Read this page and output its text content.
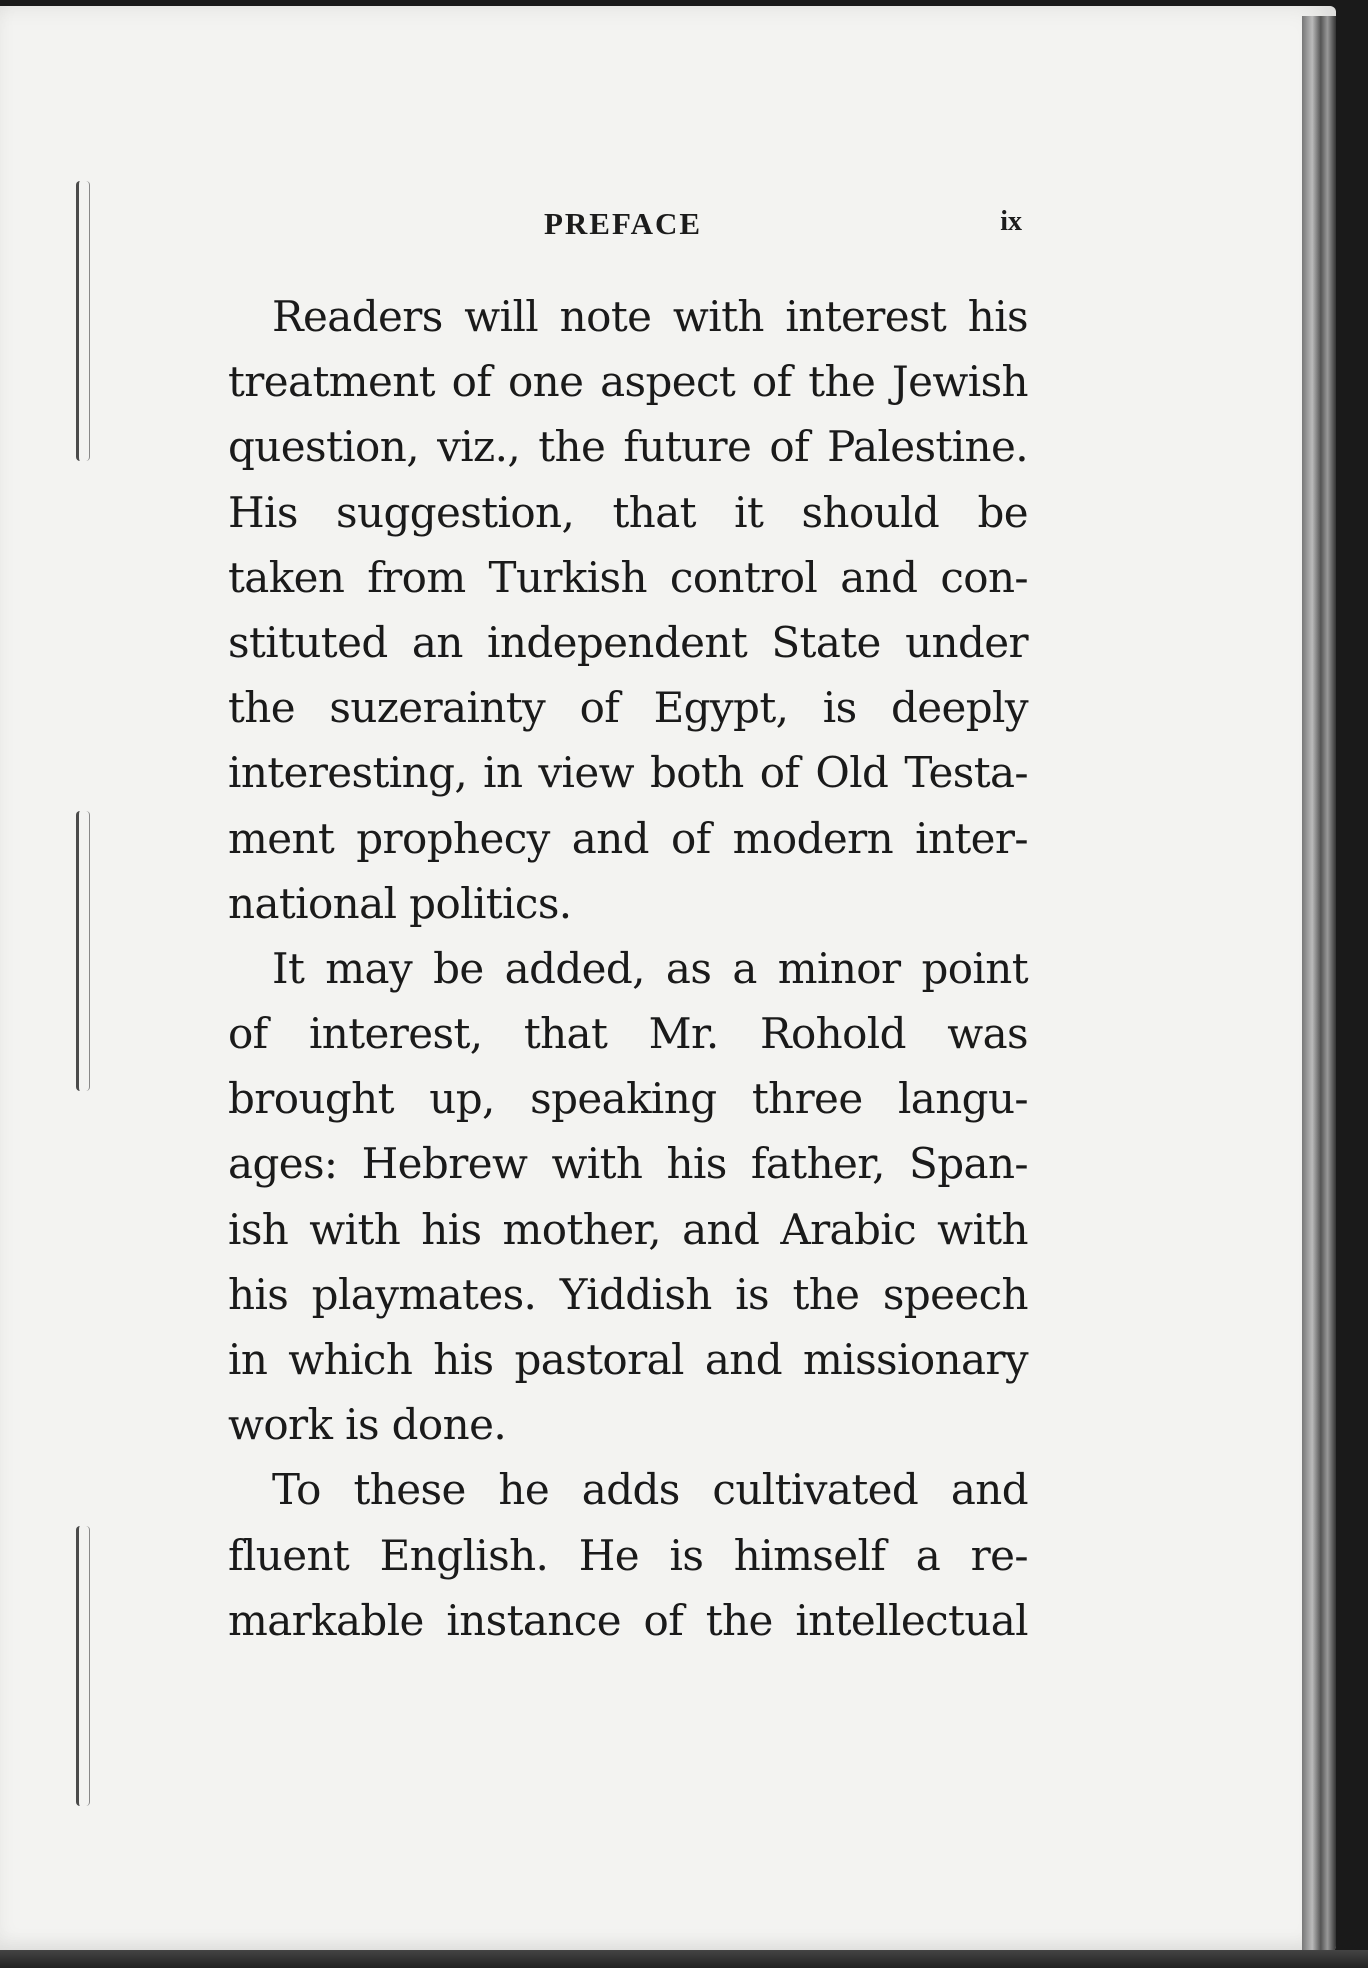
PREFACE	ix
Readers will note with interest his
treatment of one aspect of the Jewish
question, viz., the future of Palestine.
His suggestion, that it should be
taken from Turkish control and con-
stituted an independent State under
the suzerainty of Egypt, is deeply
interesting, in view both of Old Testa-
ment prophecy and of modern inter-
national politics.
It may be added, as a minor point
of interest, that Mr. Rohold was
brought up, speaking three langu-
ages: Hebrew with his father, Span-
ish with his mother, and Arabic with
his playmates. Yiddish is the speech
in which his pastoral and missionary
work is done.
To these he adds cultivated and
fluent English. He is himself a re-
markable instance of the intellectual
